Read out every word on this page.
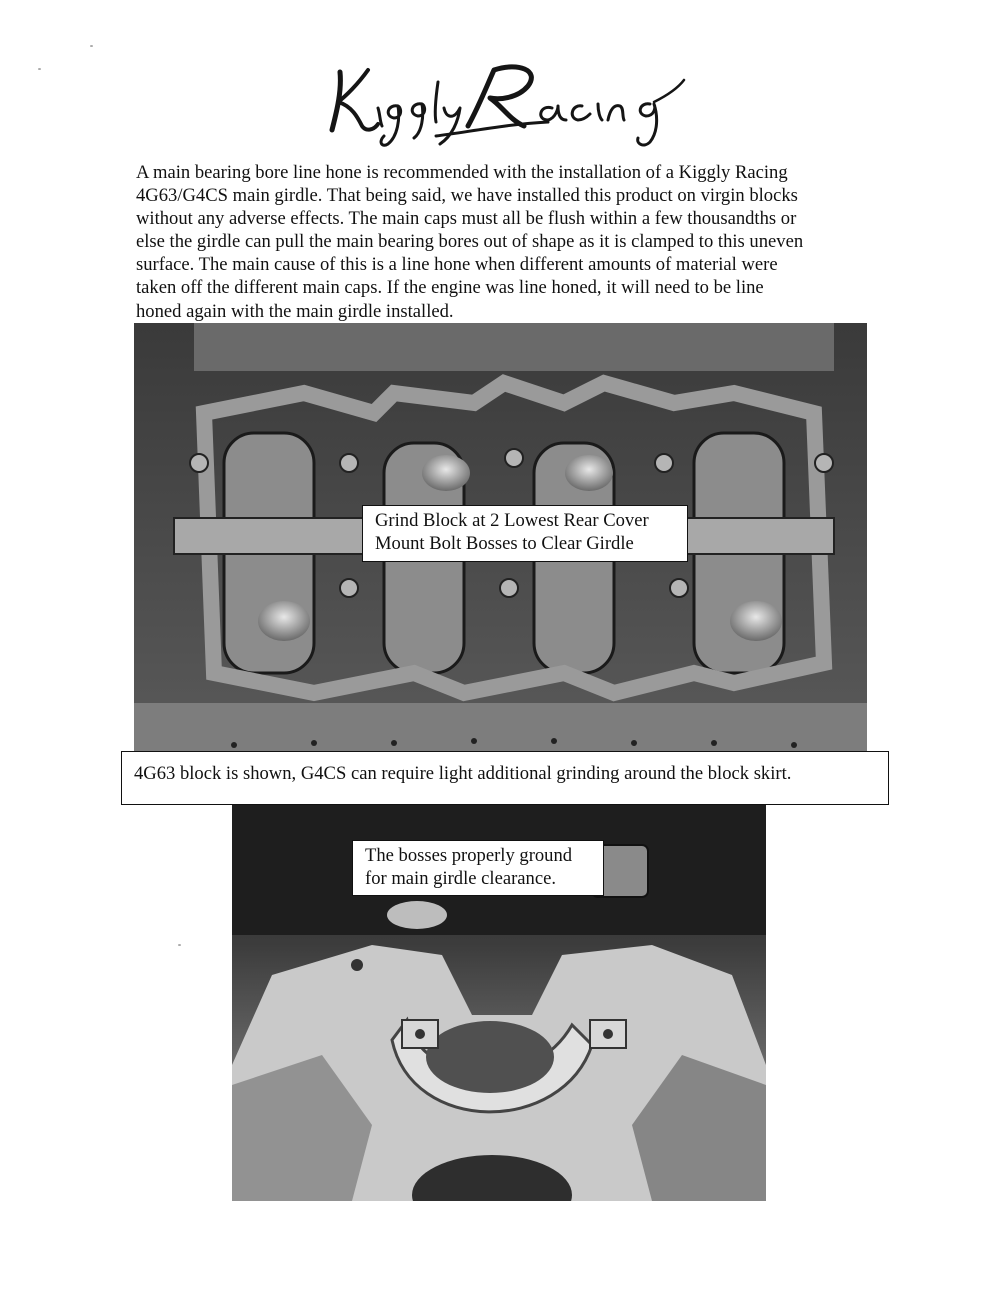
A main bearing bore line hone is recommended with the installation of a Kiggly Racing
4G63/G4CS main girdle. That being said, we have installed this product on virgin blocks
without any adverse effects. The main caps must all be flush within a few thousandths or
else the girdle can pull the main bearing bores out of shape as it is clamped to this uneven
surface. The main cause of this is a line hone when different amounts of material were
taken off the different main caps. If the engine was line honed, it will need to be line
honed again with the main girdle installed.

Grind Block at 2 Lowest Rear Cover
Mount Bolt Bosses to Clear Girdle
4G63 block is shown, G4CS can require light additional grinding around the block skirt.
The bosses properly ground
for main girdle clearance.
